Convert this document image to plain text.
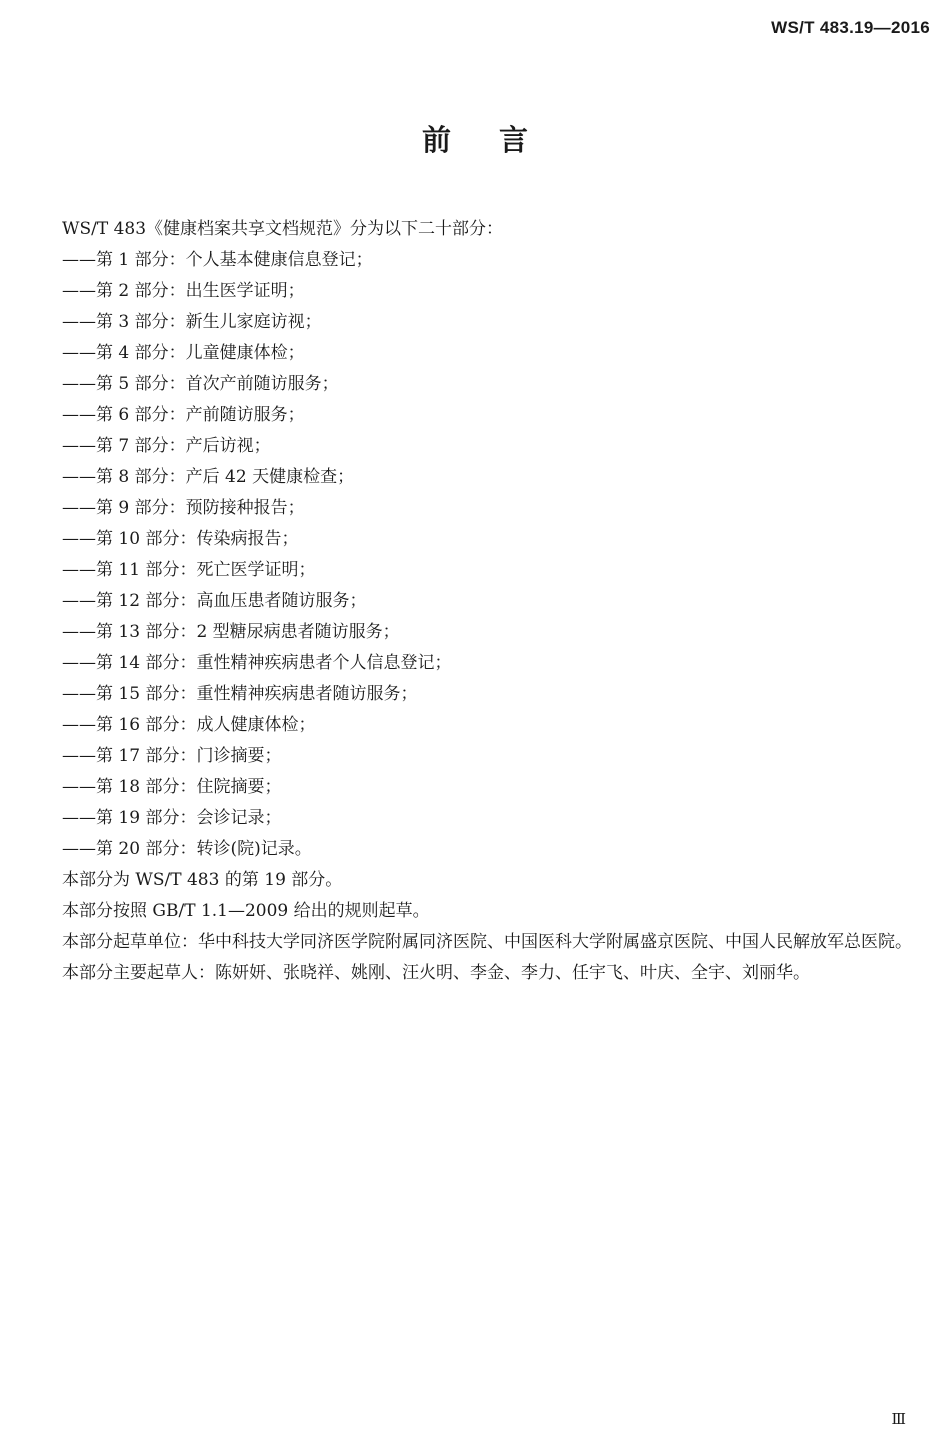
WS/T 483.19—2016
前言

WS/T 483《健康档案共享文档规范》分为以下二十部分：

——第 1 部分：个人基本健康信息登记；

——第 2 部分：出生医学证明；

——第 3 部分：新生儿家庭访视；

——第 4 部分：儿童健康体检；

——第 5 部分：首次产前随访服务；

——第 6 部分：产前随访服务；

——第 7 部分：产后访视；

——第 8 部分：产后 42 天健康检查；

——第 9 部分：预防接种报告；

——第 10 部分：传染病报告；

——第 11 部分：死亡医学证明；

——第 12 部分：高血压患者随访服务；

——第 13 部分：2 型糖尿病患者随访服务；

——第 14 部分：重性精神疾病患者个人信息登记；

——第 15 部分：重性精神疾病患者随访服务；

——第 16 部分：成人健康体检；

——第 17 部分：门诊摘要；

——第 18 部分：住院摘要；

——第 19 部分：会诊记录；

——第 20 部分：转诊(院)记录。

本部分为 WS/T 483 的第 19 部分。

本部分按照 GB/T 1.1—2009 给出的规则起草。

本部分起草单位：华中科技大学同济医学院附属同济医院、中国医科大学附属盛京医院、中国人民解放军总医院。

本部分主要起草人：陈妍妍、张晓祥、姚刚、汪火明、李金、李力、任宇飞、叶庆、全宇、刘丽华。

Ⅲ
